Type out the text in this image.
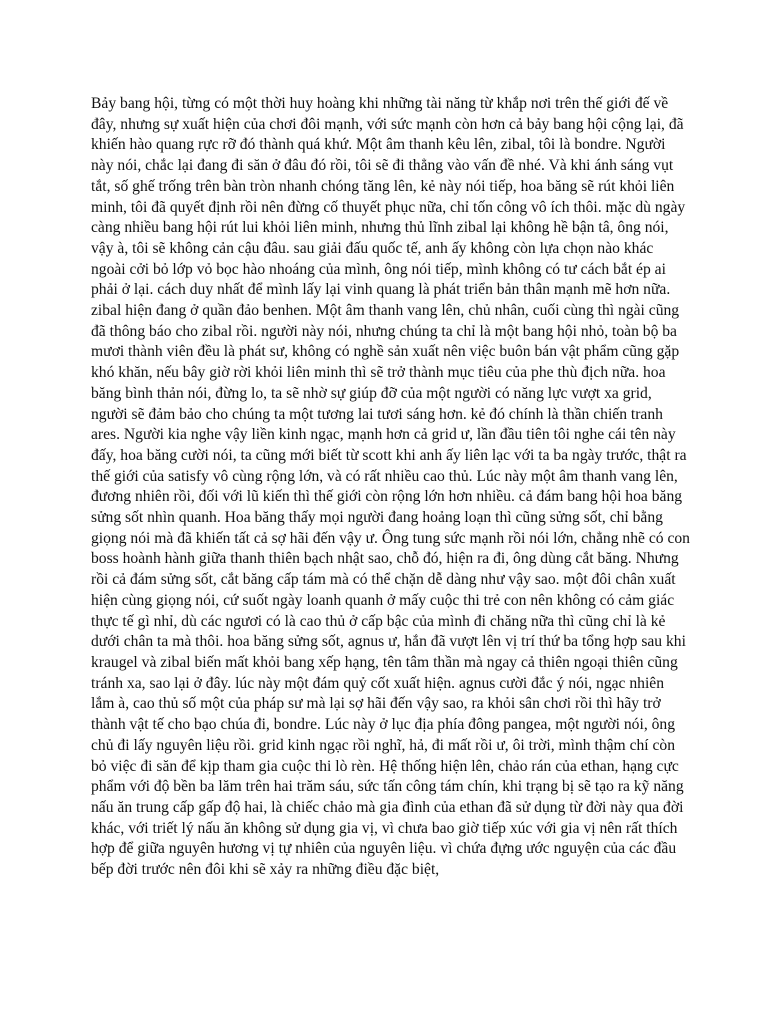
Bảy bang hội, từng có một thời huy hoàng khi những tài năng từ khắp nơi trên thế giới đế về đây, nhưng sự xuất hiện của chơi đôi mạnh, với sức mạnh còn hơn cả bảy bang hội cộng lại, đã khiến hào quang rực rỡ đó thành quá khứ. Một âm thanh kêu lên, zibal, tôi là bondre. Người này nói, chắc lại đang đi săn ở đâu đó rồi, tôi sẽ đi thẳng vào vấn đề nhé. Và khi ánh sáng vụt tắt, số ghế trống trên bàn tròn nhanh chóng tăng lên, kẻ này nói tiếp, hoa băng sẽ rút khỏi liên minh, tôi đã quyết định rồi nên đừng cố thuyết phục nữa, chỉ tốn công vô ích thôi. mặc dù ngày càng nhiều bang hội rút lui khỏi liên minh, nhưng thủ lĩnh zibal lại không hề bận tâ, ông nói, vậy à, tôi sẽ không cản cậu đâu. sau giải đấu quốc tế, anh ấy không còn lựa chọn nào khác ngoài cởi bỏ lớp vỏ bọc hào nhoáng của mình, ông nói tiếp, mình không có tư cách bắt ép ai phải ở lại. cách duy nhất để mình lấy lại vinh quang là phát triển bản thân mạnh mẽ hơn nữa. zibal hiện đang ở quần đảo benhen. Một âm thanh vang lên, chủ nhân, cuối cùng thì ngài cũng đã thông báo cho zibal rồi. người này nói, nhưng chúng ta chỉ là một bang hội nhỏ, toàn bộ ba mươi thành viên đều là phát sư, không có nghề sản xuất nên việc buôn bán vật phẩm cũng gặp khó khăn, nếu bây giờ rời khỏi liên minh thì sẽ trở thành mục tiêu của phe thù địch nữa. hoa băng bình thản nói, đừng lo, ta sẽ nhờ sự giúp đỡ của một người có năng lực vượt xa grid, người sẽ đảm bảo cho chúng ta một tương lai tươi sáng hơn. kẻ đó chính là thần chiến tranh ares. Người kia nghe vậy liền kinh ngạc, mạnh hơn cả grid ư, lần đầu tiên tôi nghe cái tên này đấy, hoa băng cười nói, ta cũng mới biết từ scott khi anh ấy liên lạc với ta ba ngày trước, thật ra thế giới của satisfy vô cùng rộng lớn, và có rất nhiều cao thủ. Lúc này một âm thanh vang lên, đương nhiên rồi, đối với lũ kiến thì thế giới còn rộng lớn hơn nhiều. cả đám bang hội hoa băng sửng sốt nhìn quanh. Hoa băng thấy mọi người đang hoảng loạn thì cũng sửng sốt, chỉ bằng giọng nói mà đã khiến tất cả sợ hãi đến vậy ư. Ông tung sức mạnh rồi nói lớn, chẳng nhẽ có con boss hoành hành giữa thanh thiên bạch nhật sao, chỗ đó, hiện ra đi, ông dùng cắt băng. Nhưng rồi cả đám sửng sốt, cắt băng cấp tám mà có thể chặn dễ dàng như vậy sao. một đôi chân xuất hiện cùng giọng nói, cứ suốt ngày loanh quanh ở mấy cuộc thi trẻ con nên không có cảm giác thực tế gì nhỉ, dù các ngươi có là cao thủ ở cấp bậc của mình đi chăng nữa thì cũng chỉ là kẻ dưới chân ta mà thôi. hoa băng sửng sốt, agnus ư, hắn đã vượt lên vị trí thứ ba tổng hợp sau khi kraugel và zibal biến mất khỏi bang xếp hạng, tên tâm thần mà ngay cả thiên ngoại thiên cũng tránh xa, sao lại ở đây. lúc này một đám quỷ cốt xuất hiện. agnus cười đắc ý nói, ngạc nhiên lắm à, cao thủ số một của pháp sư mà lại sợ hãi đến vậy sao, ra khỏi sân chơi rồi thì hãy trở thành vật tế cho bạo chúa đi, bondre. Lúc này ở lục địa phía đông pangea, một người nói, ông chủ đi lấy nguyên liệu rồi. grid kinh ngạc rồi nghĩ, hả, đi mất rồi ư, ôi trời, mình thậm chí còn bỏ việc đi săn để kịp tham gia cuộc thi lò rèn. Hệ thống hiện lên, chảo rán của ethan, hạng cực phẩm với độ bền ba lăm trên hai trăm sáu, sức tấn công tám chín, khi trạng bị sẽ tạo ra kỹ năng nấu ăn trung cấp gấp độ hai, là chiếc chảo mà gia đình của ethan đã sử dụng từ đời này qua đời khác, với triết lý nấu ăn không sử dụng gia vị, vì chưa bao giờ tiếp xúc với gia vị nên rất thích hợp để giữa nguyên hương vị tự nhiên của nguyên liệu. vì chứa đựng ước nguyện của các đầu bếp đời trước nên đôi khi sẽ xảy ra những điều đặc biệt,
